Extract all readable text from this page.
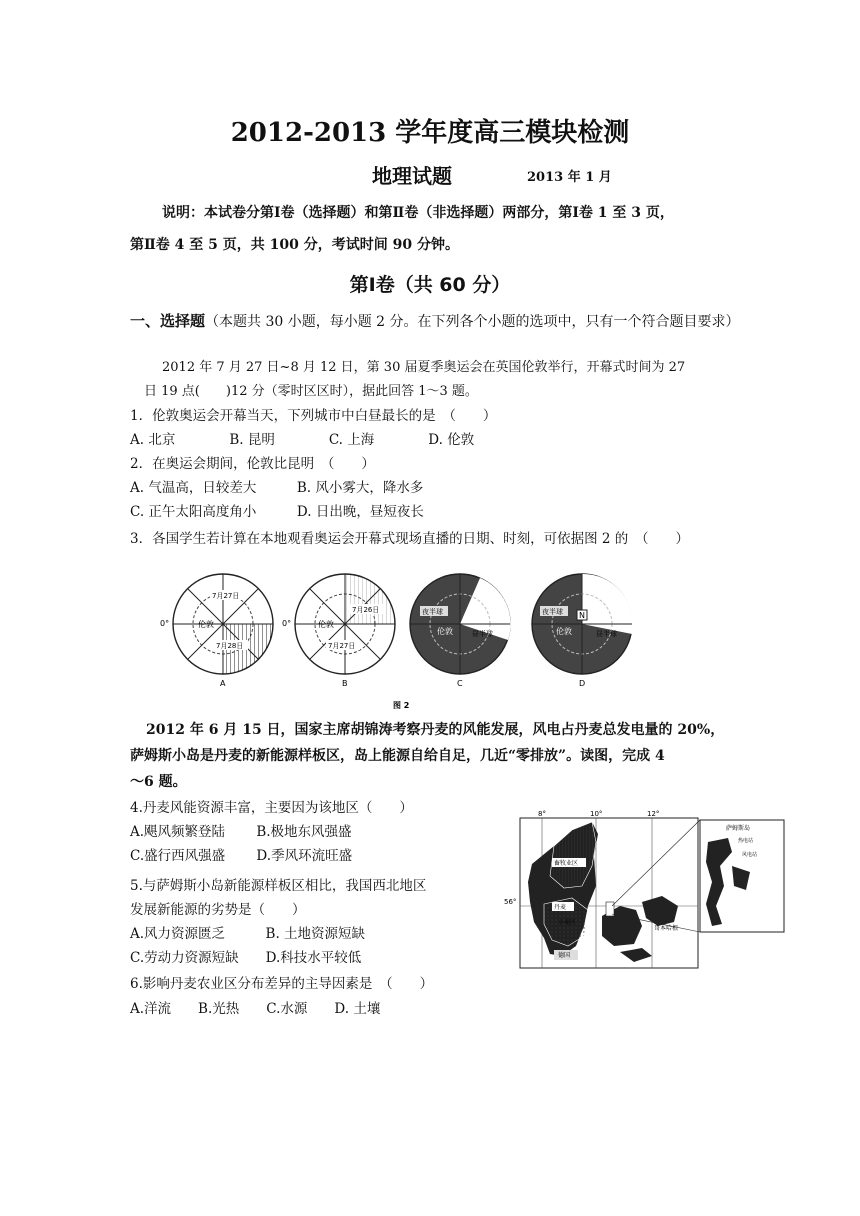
2012-2013 学年度高三模块检测
地理试题	2013 年 1 月
说明：本试卷分第Ⅰ卷（选择题）和第Ⅱ卷（非选择题）两部分，第Ⅰ卷 1 至 3 页，
第Ⅱ卷 4 至 5 页，共 100 分，考试时间 90 分钟。
第Ⅰ卷（共 60 分）
一、选择题（本题共 30 小题，每小题 2 分。在下列各个小题的选项中，只有一个符合题目要求）
2012 年 7 月 27 日~8 月 12 日，第 30 届夏季奥运会在英国伦敦举行，开幕式时间为 27
日 19 点(　　)12 分（零时区区时），据此回答 1～3 题。
1．伦敦奥运会开幕当天，下列城市中白昼最长的是　（　　）
A. 北京　　　　B. 昆明　　　　C. 上海　　　　D. 伦敦
2．在奥运会期间，伦敦比昆明　（　　）
A. 气温高，日较差大　　　B. 风小雾大，降水多
C. 正午太阳高度角小　　　D. 日出晚，昼短夜长
3．各国学生若计算在本地观看奥运会开幕式现场直播的日期、时刻，可依据图 2 的　（　　）
0°
7月27日
伦敦
7月28日
A
0°
7月26日
伦敦
7月27日
B
夜半球
伦敦	昼半球
C
夜半球
伦敦	昼半球
N
D
图 2
2012 年 6 月 15 日，国家主席胡锦涛考察丹麦的风能发展，风电占丹麦总发电量的 20%，
萨姆斯小岛是丹麦的新能源样板区，岛上能源自给自足，几近“零排放”。读图，完成 4
～6 题。
4.丹麦风能资源丰富，主要因为该地区（　　）
A.飓风频繁登陆　　 B.极地东风强盛
C.盛行西风强盛　　 D.季风环流旺盛
5.与萨姆斯小岛新能源样板区相比，我国西北地区
发展新能源的劣势是（　　）
A.风力资源匮乏　　　B. 土地资源短缺
C.劳动力资源短缺　　D.科技水平较低
6.影响丹麦农业区分布差异的主导因素是　（　　）
A.洋流　　B.光热　　C.水源　　D. 土壤
8°	10°	12°
56°
畜牧业区
丹麦
小麦区
德国
哥本哈根
萨姆斯岛
热电站
风电站
